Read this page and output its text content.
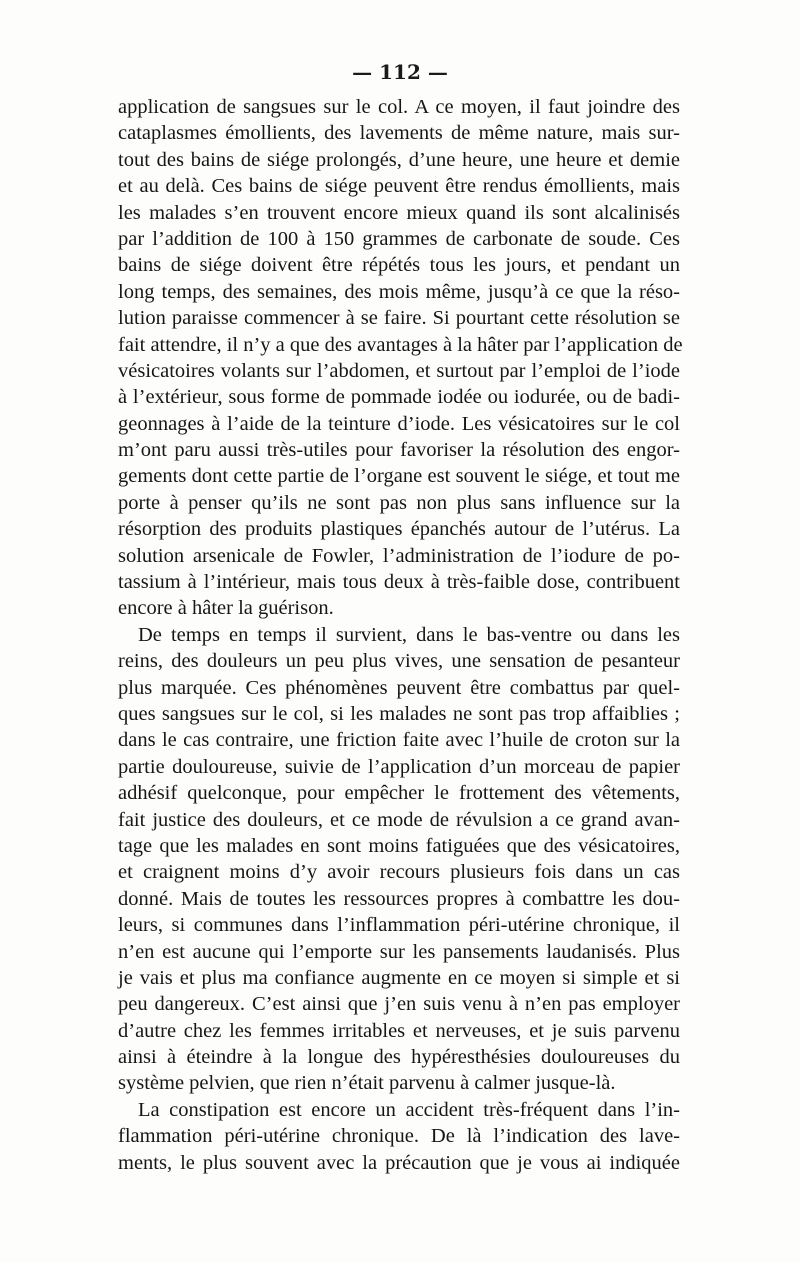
— 112 —
application de sangsues sur le col. A ce moyen, il faut joindre des
cataplasmes émollients, des lavements de même nature, mais sur-
tout des bains de siége prolongés, d’une heure, une heure et demie
et au delà. Ces bains de siége peuvent être rendus émollients, mais
les malades s’en trouvent encore mieux quand ils sont alcalinisés
par l’addition de 100 à 150 grammes de carbonate de soude. Ces
bains de siége doivent être répétés tous les jours, et pendant un
long temps, des semaines, des mois même, jusqu’à ce que la réso-
lution paraisse commencer à se faire. Si pourtant cette résolution se
fait attendre, il n’y a que des avantages à la hâter par l’application de
vésicatoires volants sur l’abdomen, et surtout par l’emploi de l’iode
à l’extérieur, sous forme de pommade iodée ou iodurée, ou de badi-
geonnages à l’aide de la teinture d’iode. Les vésicatoires sur le col
m’ont paru aussi très-utiles pour favoriser la résolution des engor-
gements dont cette partie de l’organe est souvent le siége, et tout me
porte à penser qu’ils ne sont pas non plus sans influence sur la
résorption des produits plastiques épanchés autour de l’utérus. La
solution arsenicale de Fowler, l’administration de l’iodure de po-
tassium à l’intérieur, mais tous deux à très-faible dose, contribuent
encore à hâter la guérison.
De temps en temps il survient, dans le bas-ventre ou dans les
reins, des douleurs un peu plus vives, une sensation de pesanteur
plus marquée. Ces phénomènes peuvent être combattus par quel-
ques sangsues sur le col, si les malades ne sont pas trop affaiblies ;
dans le cas contraire, une friction faite avec l’huile de croton sur la
partie douloureuse, suivie de l’application d’un morceau de papier
adhésif quelconque, pour empêcher le frottement des vêtements,
fait justice des douleurs, et ce mode de révulsion a ce grand avan-
tage que les malades en sont moins fatiguées que des vésicatoires,
et craignent moins d’y avoir recours plusieurs fois dans un cas
donné. Mais de toutes les ressources propres à combattre les dou-
leurs, si communes dans l’inflammation péri-utérine chronique, il
n’en est aucune qui l’emporte sur les pansements laudanisés. Plus
je vais et plus ma confiance augmente en ce moyen si simple et si
peu dangereux. C’est ainsi que j’en suis venu à n’en pas employer
d’autre chez les femmes irritables et nerveuses, et je suis parvenu
ainsi à éteindre à la longue des hypéresthésies douloureuses du
système pelvien, que rien n’était parvenu à calmer jusque-là.
La constipation est encore un accident très-fréquent dans l’in-
flammation péri-utérine chronique. De là l’indication des lave-
ments, le plus souvent avec la précaution que je vous ai indiquée
